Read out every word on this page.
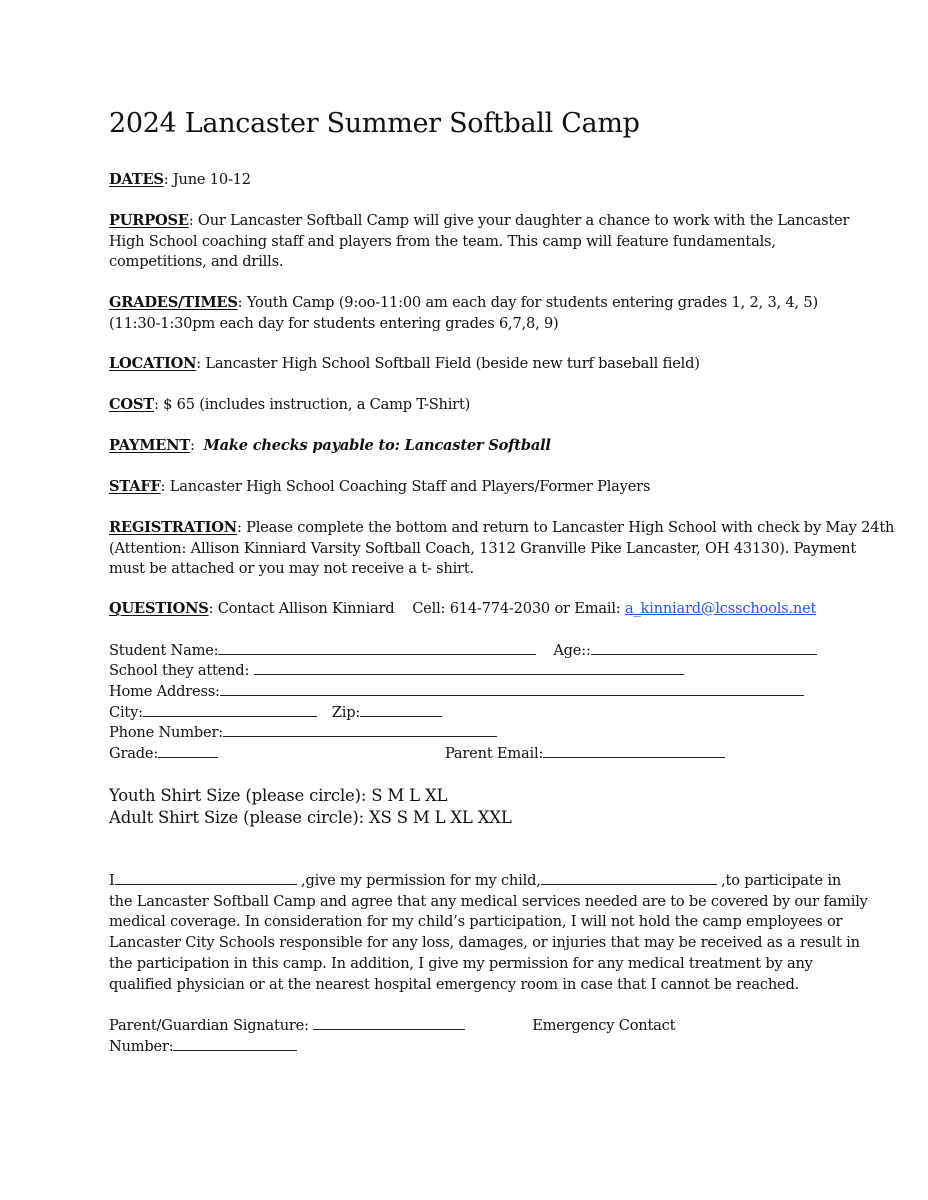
2024 Lancaster Summer Softball Camp
DATES: June 10-12
PURPOSE: Our Lancaster Softball Camp will give your daughter a chance to work with the Lancaster
High School coaching staff and players from the team. This camp will feature fundamentals,
competitions, and drills.
GRADES/TIMES: Youth Camp (9:oo-11:00 am each day for students entering grades 1, 2, 3, 4, 5)
(11:30-1:30pm each day for students entering grades 6,7,8, 9)
LOCATION: Lancaster High School Softball Field (beside new turf baseball field)
COST: $ 65 (includes instruction, a Camp T-Shirt)
PAYMENT:  Make checks payable to: Lancaster Softball
STAFF: Lancaster High School Coaching Staff and Players/Former Players
REGISTRATION: Please complete the bottom and return to Lancaster High School with check by May 24th
(Attention: Allison Kinniard Varsity Softball Coach, 1312 Granville Pike Lancaster, OH 43130). Payment
must be attached or you may not receive a t- shirt.
QUESTIONS: Contact Allison Kinniard    Cell: 614-774-2030 or Email: a_kinniard@lcsschools.net
Student Name:	Age::
School they attend:
Home Address:
City:	Zip:
Phone Number:
Grade:	Parent Email:
Youth Shirt Size (please circle): S M L XL
Adult Shirt Size (please circle): XS S M L XL XXL
I	,give my permission for my child,	,to participate in
the Lancaster Softball Camp and agree that any medical services needed are to be covered by our family
medical coverage. In consideration for my child’s participation, I will not hold the camp employees or
Lancaster City Schools responsible for any loss, damages, or injuries that may be received as a result in
the participation in this camp. In addition, I give my permission for any medical treatment by any
qualified physician or at the nearest hospital emergency room in case that I cannot be reached.
Parent/Guardian Signature:	Emergency Contact
Number:
